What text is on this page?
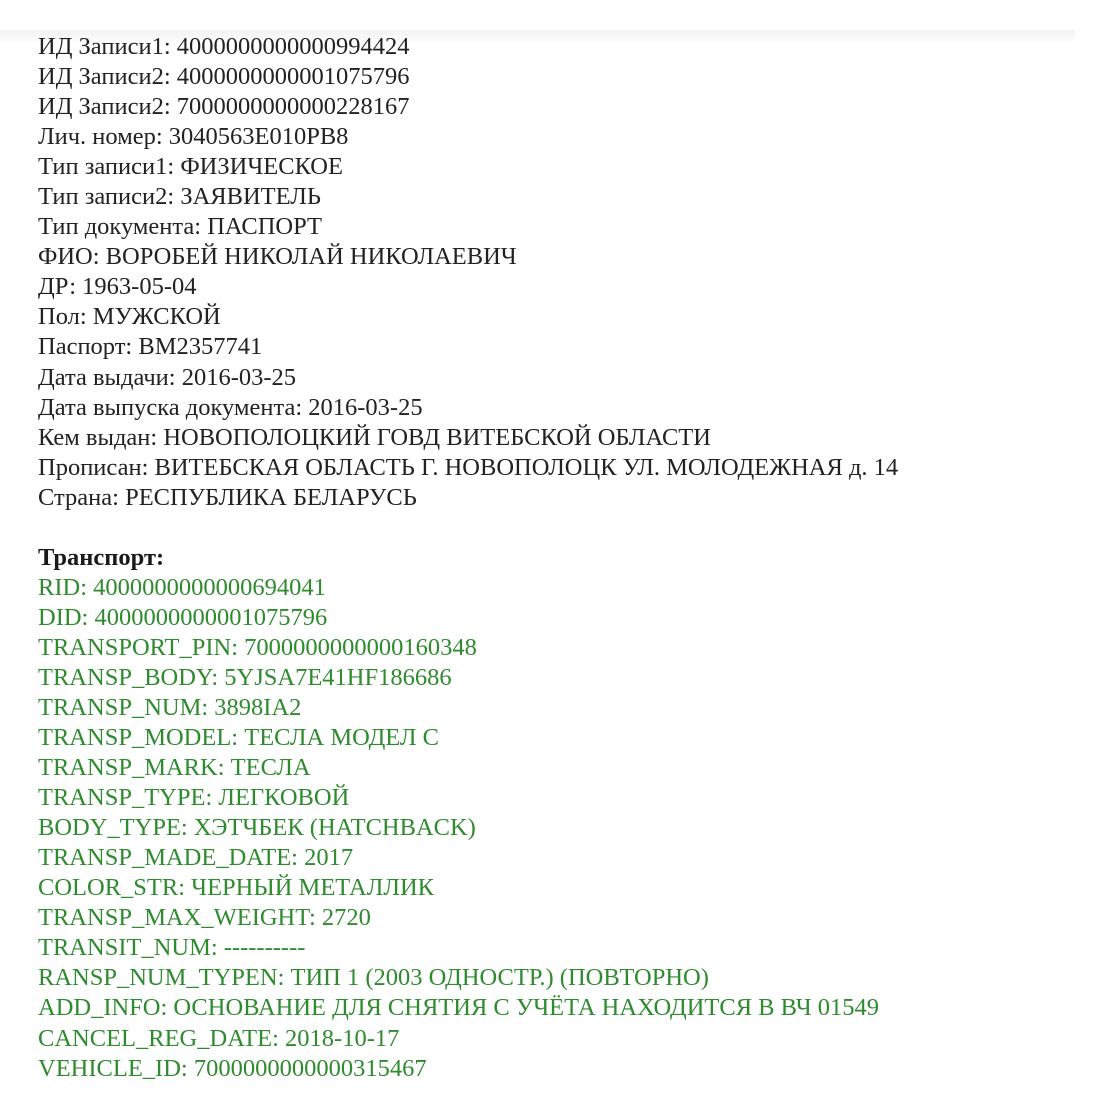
ИД Записи1: 4000000000000994424
ИД Записи2: 4000000000001075796
ИД Записи2: 7000000000000228167
Лич. номер: 3040563E010PB8
Тип записи1: ФИЗИЧЕСКОЕ
Тип записи2: ЗАЯВИТЕЛЬ
Тип документа: ПАСПОРТ
ФИО: ВОРОБЕЙ НИКОЛАЙ НИКОЛАЕВИЧ
ДР: 1963-05-04
Пол: МУЖСКОЙ
Паспорт: BM2357741
Дата выдачи: 2016-03-25
Дата выпуска документа: 2016-03-25
Кем выдан: НОВОПОЛОЦКИЙ ГОВД ВИТЕБСКОЙ ОБЛАСТИ
Прописан: ВИТЕБСКАЯ ОБЛАСТЬ Г. НОВОПОЛОЦК УЛ. МОЛОДЕЖНАЯ д. 14
Страна: РЕСПУБЛИКА БЕЛАРУСЬ
Транспорт:
RID: 4000000000000694041
DID: 4000000000001075796
TRANSPORT_PIN: 7000000000000160348
TRANSP_BODY: 5YJSA7E41HF186686
TRANSP_NUM: 3898IA2
TRANSP_MODEL: ТЕСЛА МОДЕЛ С
TRANSP_MARK: ТЕСЛА
TRANSP_TYPE: ЛЕГКОВОЙ
BODY_TYPE: ХЭТЧБЕК (HATCHBACK)
TRANSP_MADE_DATE: 2017
COLOR_STR: ЧЕРНЫЙ МЕТАЛЛИК
TRANSP_MAX_WEIGHT: 2720
TRANSIT_NUM: ----------
RANSP_NUM_TYPEN: ТИП 1 (2003 ОДНОСТР.) (ПОВТОРНО)
ADD_INFO: ОСНОВАНИЕ ДЛЯ СНЯТИЯ С УЧЁТА НАХОДИТСЯ В ВЧ 01549
CANCEL_REG_DATE: 2018-10-17
VEHICLE_ID: 7000000000000315467
